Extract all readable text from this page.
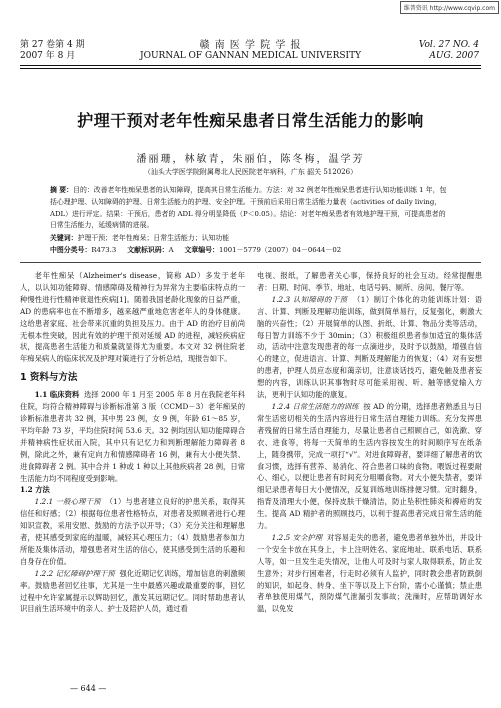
维普资讯 http://www.cqvip.com
第 27 卷第 4 期
2007 年 8 月
赣 南 医 学 院 学 报
JOURNAL OF GANNAN MEDICAL UNIVERSITY
Vol. 27 NO. 4
AUG. 2007
护理干预对老年性痴呆患者日常生活能力的影响
潘丽珊，林敏青，朱丽伯，陈冬梅，温学芳
（汕头大学医学院附属粤北人民医院老年病科，广东 韶关 512026）
摘 要：目的：改善老年性痴呆患者的认知障碍，提高其日常生活能力。方法：对 32 例老年性痴呆患者进行认知功能训练 1 年，包括心理护理、认知障碍的护理、日常生活能力的护理、安全护理。干预前后采用日常生活能力量表（activities of daily living，ADL）进行评定。结果：干预后，患者的 ADL 得分明显降低（P＜0.05）。结论：对老年痴呆患者有效地护理干预，可提高患者的日常生活能力，延缓病情的进展。
关键词：护理干预；老年性痴呆；日常生活能力；认知功能
中图分类号：R473.3 文献标识码：A 文章编号：1001－5779（2007）04－0644－02

老年性痴呆（Alzheimer's disease，简称 AD）多发于老年人，以认知功能障碍、情感障碍及精神行为异常为主要临床特点的一种慢性进行性精神衰退性疾病[1]。随着我国老龄化现象的日益严重，AD 的患病率也在不断增多，越来越严重地危害老年人的身体健康。这给患者家庭、社会带来沉重的负担及压力。由于 AD 的治疗目前尚无根本性突破，因此有效的护理干预对延缓 AD 的进程，减轻疾病症状，提高患者生活能力和质量就显得尤为重要。本文对 32 例住院老年痴呆病人的临床状况及护理对策进行了分析总结，现报告如下。

1 资料与方法

1.1 临床资料 选择 2000 年 1 月至 2005 年 8 月在我院老年科住院，均符合精神障碍与诊断标准第 3 版（CCMD－3）老年痴呆的诊断标准患者共 32 例，其中男 23 例，女 9 例，年龄 61～85 岁，平均年龄 73 岁，平均住院时间 53.6 天。32 例均因认知功能障碍合并精神病性症状而入院，其中只有记忆力和判断理解能力障碍者 8 例，除此之外，兼有定向力和情感障碍者 16 例，兼有大小便失禁、进食障碍者 2 例。其中合并 1 种或 1 种以上其他疾病者 28 例，日常生活能力均不同程度受到影响。

1.2 方法

1.2.1 一般心理干预 （1）与患者建立良好的护患关系，取得其信任和好感；（2）根据每位患者性格特点，对患者及照顾者进行心理知识宣教，采用安慰、鼓励的方法予以开导；（3）充分关注和理解患者，使其感受到家庭的温暖，减轻其心理压力；（4）鼓励患者参加力所能及集体活动，增强患者对生活的信心，使其感受到生活的乐趣和自身存在价值。

1.2.2 记忆障碍护理干预 强化近期记忆训练，增加信息的刺激频率。鼓励患者回忆往事，尤其是一生中最感兴趣或最重要的事，回忆过程中允许家属提示以辉助回忆，激发其远期记忆。同时帮助患者认识目前生活环境中的亲人、护士及陪护人员，通过看

— 644 —

电视、报纸，了解患者关心事，保持良好的社会互动。经常提醒患者：日期、时间、季节、地址、电话号码、厕所、房间、餐厅等。

1.2.3 认知障碍的干预 （1）制订个体化的功能训练计划：语言、计算、判断及理解功能训练，做到简单易行，反复强化，剩激大脑的兴奋性；（2）开展简单的认图、折纸、计算、物品分类等活动，每日智力训练不少于 30min；（3）积极组织患者参加适宜的集体活动，活动中注意发现患者的每一点滴进步，及时予以鼓励，增强自信心的建立，促进语言、计算、判断及理解能力的恢复；（4）对有妄想的患者，护理人员应态度和蔼亲切，注意谈话技巧，避免触及患者妄想的内容，训练认识其事物时尽可能采用视、听、触等感觉输入方法，更利于认知功能的康复。

1.2.4 日常生活能力的训练 按 AD 的分期，选择患者熟悉且与日常生活密切相关的生活内容进行日常生活自理能力训练。充分发挥患者残留的日常生活自理能力，尽量让患者自己照顾自己，如洗漱、穿衣、进食等，将每一天简单的生活内容按发生的时间顺序写在纸条上，随身携带，完成一项打“√”。对进食障碍者，要详细了解患者的饮食习惯，选择有营养、易消化、符合患者口味的食物。喂饭过程要耐心、细心，以便让患者有时间充分咀嚼食物。对大小便失禁者，要详细记录患者每日大小便情况，反复训练地训练排便习惯。定时翻身，指背及清理大小便，保持皮肤干燥清洁，防止坠积性肺炎和褥疮的发生。提高 AD 精护者的照顾技巧，以利于提高患者完成日常生活的能力。

1.2.5 安全护理 对容易走失的患者，避免患者单独外出，并设计一个安全卡放在其身上，卡上注明姓名、家庭地址、联系电话、联系人等，如一旦发生走失情况，让他人可及时与家人取得联系，防止发生意外；对步行困难者，行走时必须有人监护，同时教会患者防跌倒的知识，如起身、转身、坐下等以及上下台阶，需小心谨慎；禁止患者单独使用煤气，预防煤气泄漏引发事故；洗澡时，应帮助调好水温，以免发
